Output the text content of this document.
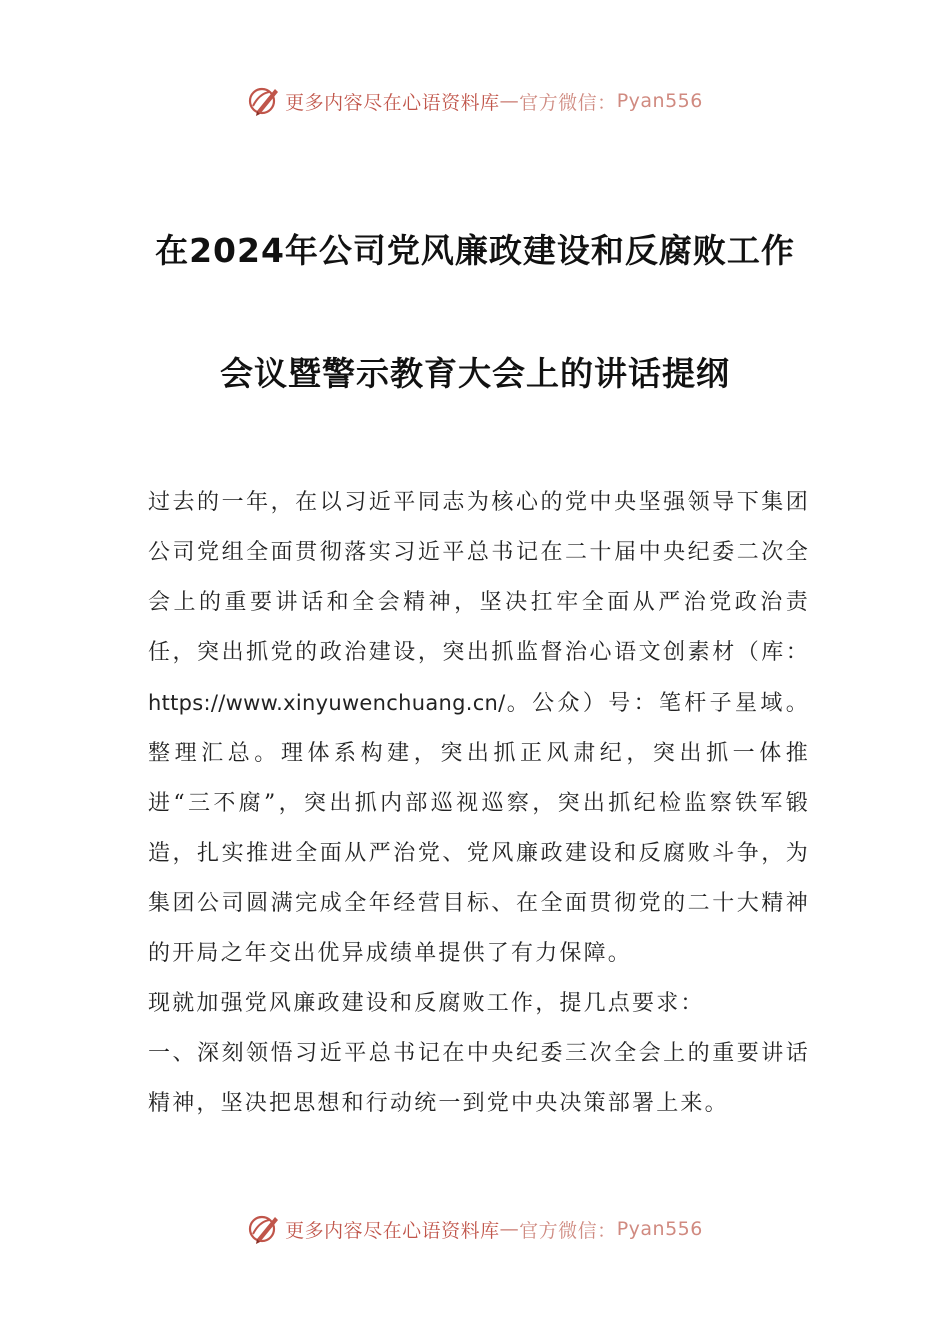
更多内容尽在心语资料库 — 官方微信： Pyan556
在2024年公司党风廉政建设和反腐败工作
会议暨警示教育大会上的讲话提纲

过去的一年，在以习近平同志为核心的党中央坚强领导下集团公司党组全面贯彻落实习近平总书记在二十届中央纪委二次全会上的重要讲话和全会精神，坚决扛牢全面从严治党政治责任，突出抓党的政治建设，突出抓监督治心语文创素材（库：https://www.xinyuwenchuang.cn/。公众）号：笔杆子星域。整理汇总。理体系构建，突出抓正风肃纪，突出抓一体推进“三不腐”，突出抓内部巡视巡察，突出抓纪检监察铁军锻造，扎实推进全面从严治党、党风廉政建设和反腐败斗争，为集团公司圆满完成全年经营目标、在全面贯彻党的二十大精神的开局之年交出优异成绩单提供了有力保障。

现就加强党风廉政建设和反腐败工作，提几点要求：

一、深刻领悟习近平总书记在中央纪委三次全会上的重要讲话精神，坚决把思想和行动统一到党中央决策部署上来。

更多内容尽在心语资料库 — 官方微信： Pyan556
